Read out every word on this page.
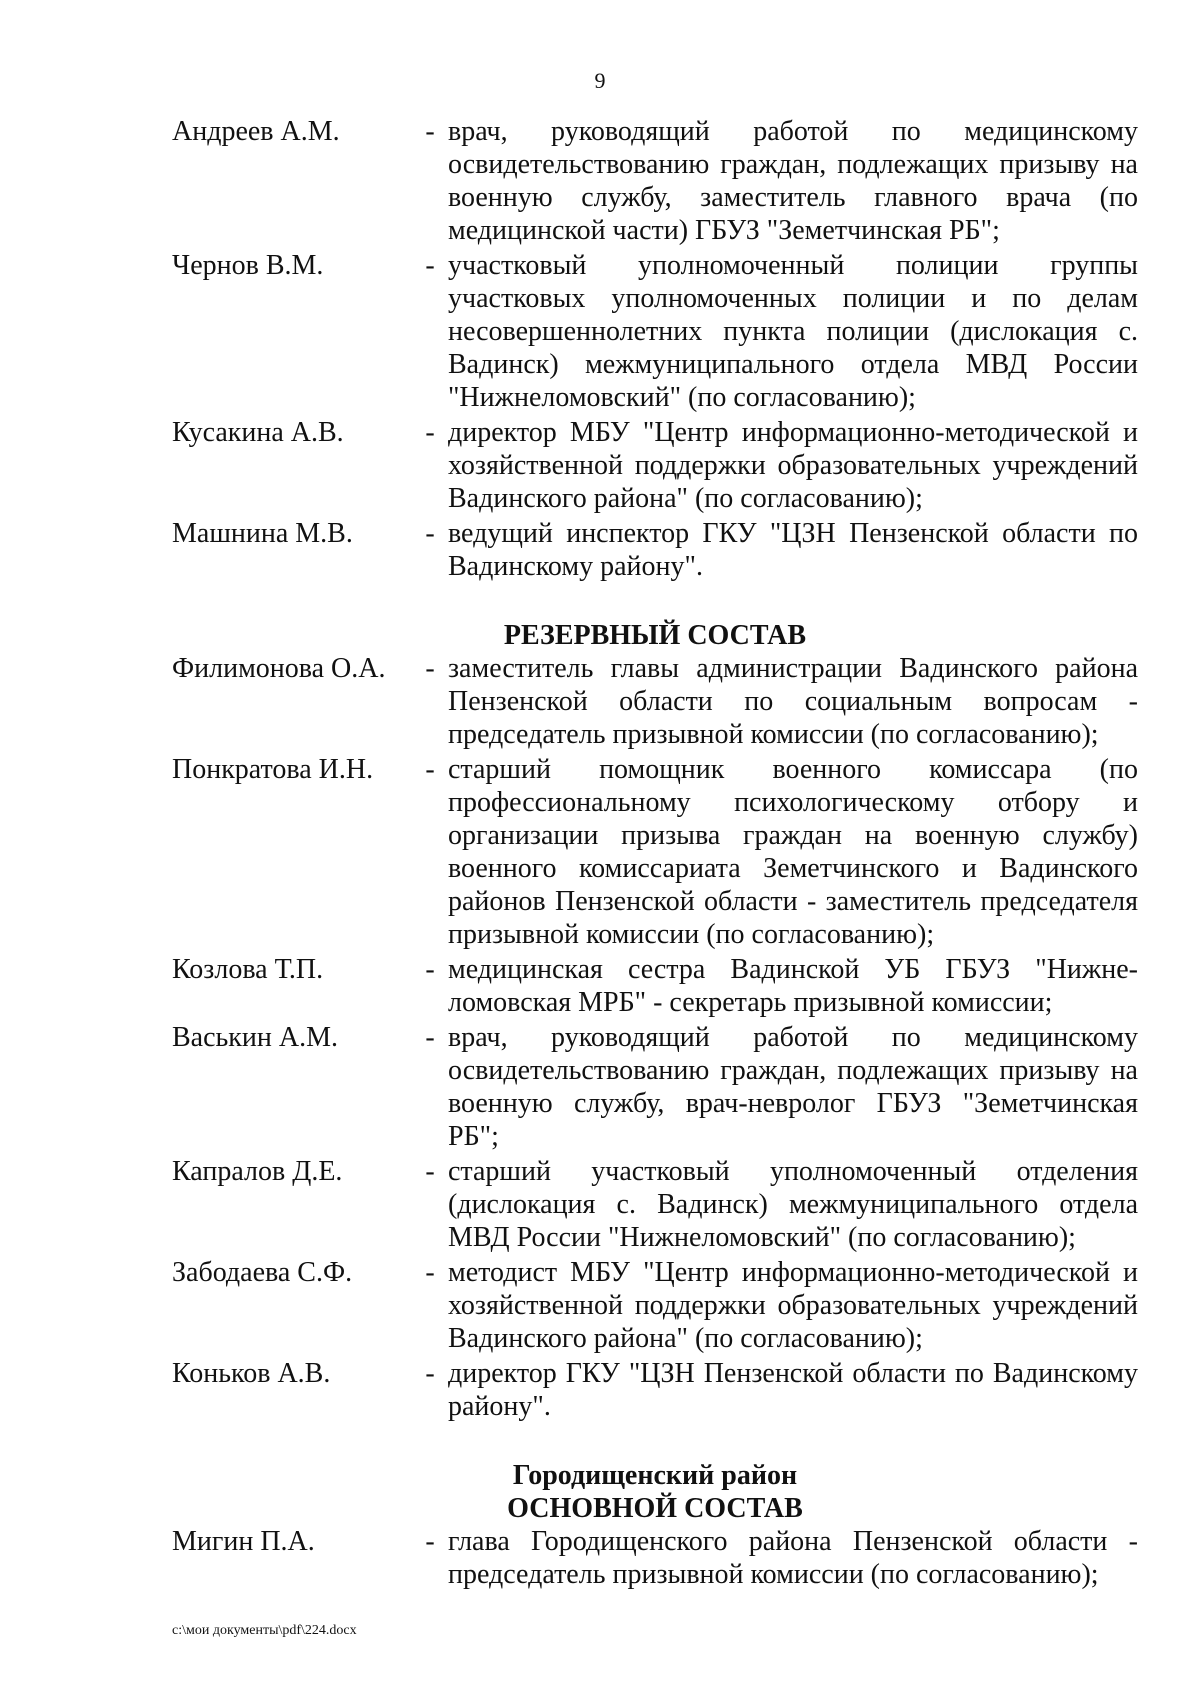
9
Андреев А.М.	- врач, руководящий работой по медицинскому освидетельствованию граждан, подлежащих призыву на военную службу, заместитель главного врача (по медицинской части) ГБУЗ "Земетчинская РБ";
Чернов В.М.	- участковый уполномоченный полиции группы участковых уполномоченных полиции и по делам несовершеннолетних пункта полиции (дислокация с. Вадинск) межмуниципального отдела МВД России "Нижнеломовский" (по согласованию);
Кусакина А.В.	- директор МБУ "Центр информационно-методической и хозяйственной поддержки образовательных учреждений Вадинского района" (по согласованию);
Машнина М.В.	- ведущий инспектор ГКУ "ЦЗН Пензенской области по Вадинскому району".
РЕЗЕРВНЫЙ СОСТАВ
Филимонова О.А.	- заместитель главы администрации Вадинского района Пензенской области по социальным вопросам - председатель призывной комиссии (по согласованию);
Понкратова И.Н.	- старший помощник военного комиссара (по профессиональному психологическому отбору и организации призыва граждан на военную службу) военного комиссариата Земетчинского и Вадинского районов Пензенской области - заместитель председателя призывной комиссии (по согласованию);
Козлова Т.П.	- медицинская сестра Вадинской УБ ГБУЗ "Нижне-ломовская МРБ" - секретарь призывной комиссии;
Васькин А.М.	- врач, руководящий работой по медицинскому освидетельствованию граждан, подлежащих призыву на военную службу, врач-невролог ГБУЗ "Земетчинская РБ";
Капралов Д.Е.	- старший участковый уполномоченный отделения (дислокация с. Вадинск) межмуниципального отдела МВД России "Нижнеломовский" (по согласованию);
Забодаева С.Ф.	- методист МБУ "Центр информационно-методической и хозяйственной поддержки образовательных учреждений Вадинского района" (по согласованию);
Коньков А.В.	- директор ГКУ "ЦЗН Пензенской области по Вадинскому району".
Городищенский район
ОСНОВНОЙ СОСТАВ
Мигин П.А.	- глава Городищенского района Пензенской области - председатель призывной комиссии (по согласованию);
c:\мои документы\pdf\224.docx
